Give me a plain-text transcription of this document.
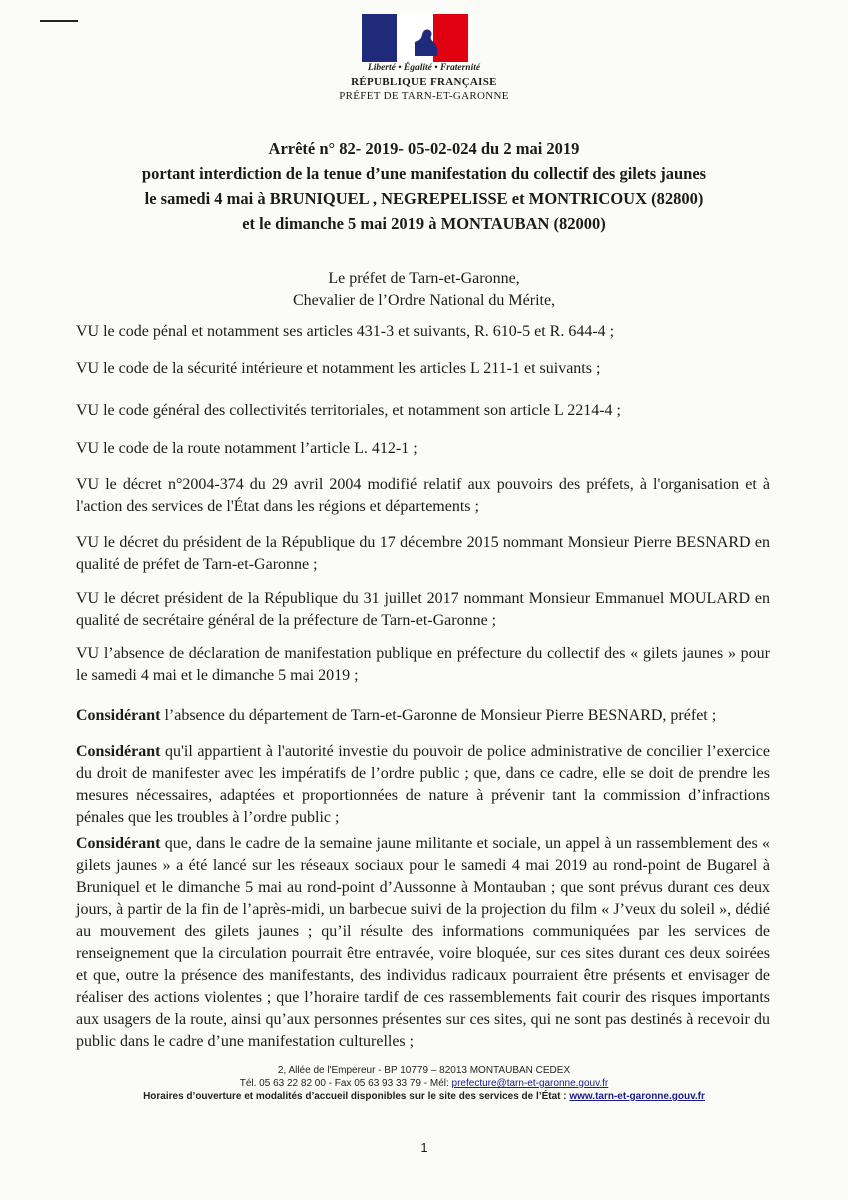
Liberté • Égalité • Fraternité
RÉPUBLIQUE FRANÇAISE
PRÉFET DE TARN-ET-GARONNE
Arrêté n° 82- 2019- 05-02-024 du 2 mai 2019
portant interdiction de la tenue d’une manifestation du collectif des gilets jaunes
le samedi 4 mai à BRUNIQUEL , NEGREPELISSE et MONTRICOUX (82800)
et le dimanche 5 mai 2019 à MONTAUBAN (82000)
Le préfet de Tarn-et-Garonne,
Chevalier de l’Ordre National du Mérite,
VU le code pénal et notamment ses articles 431-3 et suivants, R. 610-5 et R. 644-4 ;
VU le code de la sécurité intérieure et notamment les articles L 211-1 et suivants ;
VU le code général des collectivités territoriales, et notamment son article L 2214-4 ;
VU le code de la route notamment l’article L. 412-1 ;
VU le décret n°2004-374 du 29 avril 2004 modifié relatif aux pouvoirs des préfets, à l'organisation et à l'action des services de l'État dans les régions et départements ;
VU le décret du président de la République du 17 décembre 2015 nommant Monsieur Pierre BESNARD en qualité de préfet de Tarn-et-Garonne ;
VU le décret président de la République du 31 juillet 2017 nommant Monsieur Emmanuel MOULARD en qualité de secrétaire général de la préfecture de Tarn-et-Garonne ;
VU l’absence de déclaration de manifestation publique en préfecture du collectif des « gilets jaunes » pour le samedi 4 mai et le dimanche 5 mai 2019 ;
Considérant l’absence du département de Tarn-et-Garonne de Monsieur Pierre BESNARD, préfet ;
Considérant qu'il appartient à l'autorité investie du pouvoir de police administrative de concilier l’exercice du droit de manifester avec les impératifs de l’ordre public ; que, dans ce cadre, elle se doit de prendre les mesures nécessaires, adaptées et proportionnées de nature à prévenir tant la commission d’infractions pénales que les troubles à l’ordre public ;
Considérant que, dans le cadre de la semaine jaune militante et sociale, un appel à un rassemblement des « gilets jaunes » a été lancé sur les réseaux sociaux pour le samedi 4 mai 2019 au rond-point de Bugarel à Bruniquel et le dimanche 5 mai au rond-point d’Aussonne à Montauban ; que sont prévus durant ces deux jours, à partir de la fin de l’après-midi, un barbecue suivi de la projection du film « J’veux du soleil », dédié au mouvement des gilets jaunes ; qu’il résulte des informations communiquées par les services de renseignement que la circulation pourrait être entravée, voire bloquée, sur ces sites durant ces deux soirées et que, outre la présence des manifestants, des individus radicaux pourraient être présents et envisager de réaliser des actions violentes ; que l’horaire tardif de ces rassemblements fait courir des risques importants aux usagers de la route, ainsi qu’aux personnes présentes sur ces sites, qui ne sont pas destinés à recevoir du public dans le cadre d’une manifestation culturelles ;
2, Allée de l'Empereur - BP 10779 – 82013 MONTAUBAN CEDEX
Tél. 05 63 22 82 00 - Fax 05 63 93 33 79 - Mél: prefecture@tarn-et-garonne.gouv.fr
Horaires d’ouverture et modalités d’accueil disponibles sur le site des services de l’État : www.tarn-et-garonne.gouv.fr
1
